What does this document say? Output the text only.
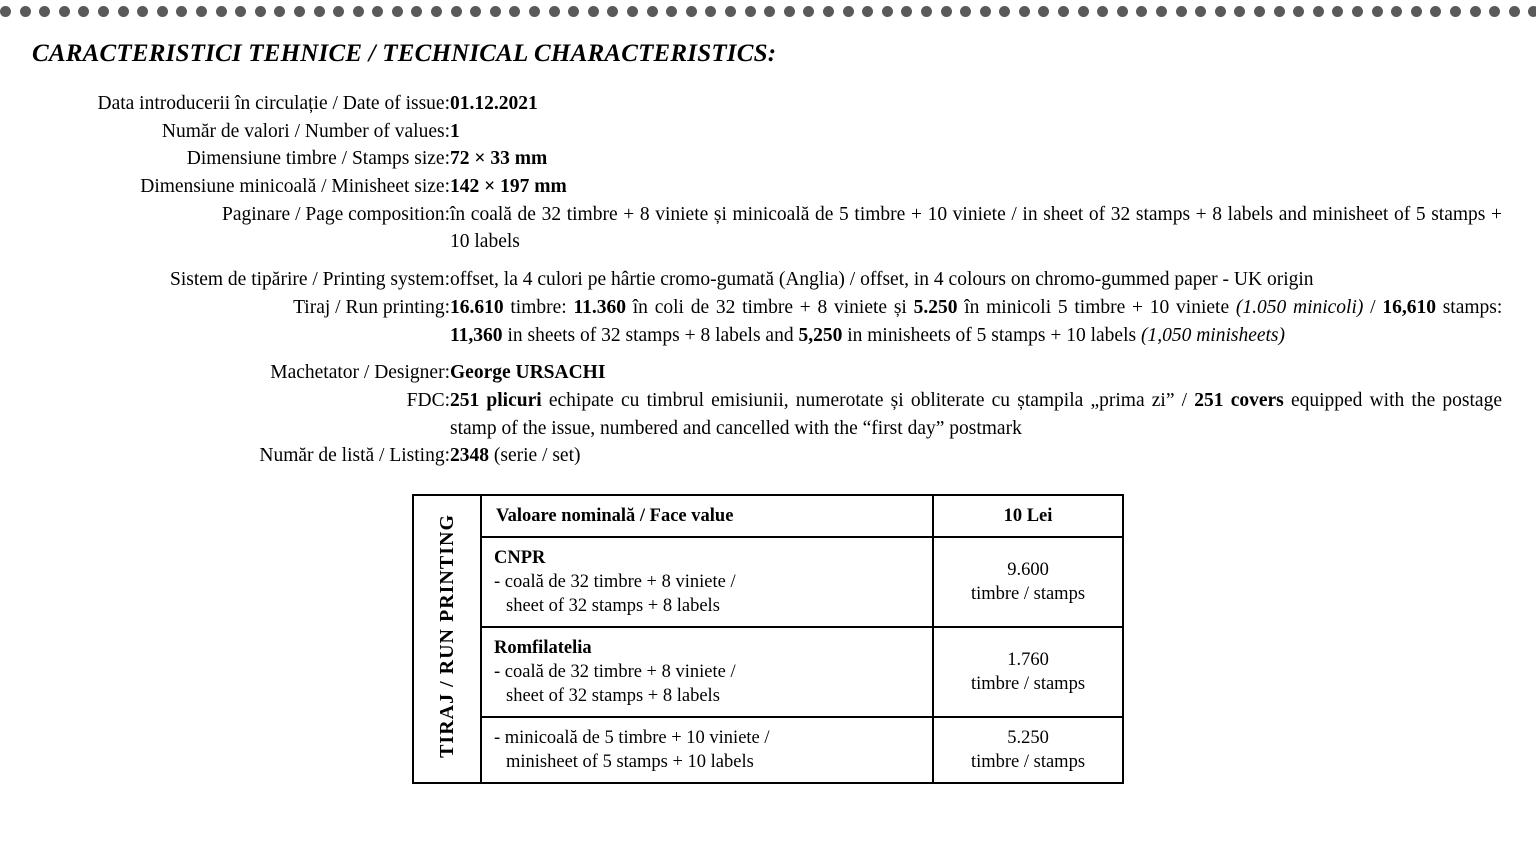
CARACTERISTICI TEHNICE / TECHNICAL CHARACTERISTICS:
Data introducerii în circulație / Date of issue:	01.12.2021
Număr de valori / Number of values:	1
Dimensiune timbre / Stamps size:	72 × 33 mm
Dimensiune minicoală / Minisheet size:	142 × 197 mm
Paginare / Page composition:	în coală de 32 timbre + 8 viniete și minicoală de 5 timbre + 10 viniete / in sheet of 32 stamps + 8 labels and minisheet of 5 stamps + 10 labels

Sistem de tipărire / Printing system:	offset, la 4 culori pe hârtie cromo-gumată (Anglia) / offset, in 4 colours on chromo-gummed paper - UK origin
Tiraj / Run printing:	16.610 timbre: 11.360 în coli de 32 timbre + 8 viniete și 5.250 în minicoli 5 timbre + 10 viniete (1.050 minicoli) / 16,610 stamps: 11,360 in sheets of 32 stamps + 8 labels and 5,250 in minisheets of 5 stamps + 10 labels (1,050 minisheets)

Machetator / Designer:	George URSACHI
FDC:	251 plicuri echipate cu timbrul emisiunii, numerotate și obliterate cu ștampila „prima zi” / 251 covers equipped with the postage stamp of the issue, numbered and cancelled with the “first day” postmark
Număr de listă / Listing:	2348 (serie / set)
TIRAJ / RUN PRINTING	Valoare nominală / Face value	10 Lei

	CNPR
- coală de 32 timbre + 8 viniete /
sheet of 32 stamps + 8 labels	9.600
timbre / stamps

	Romfilatelia
- coală de 32 timbre + 8 viniete /
sheet of 32 stamps + 8 labels	1.760
timbre / stamps

	- minicoală de 5 timbre + 10 viniete /
minisheet of 5 stamps + 10 labels	5.250
timbre / stamps
